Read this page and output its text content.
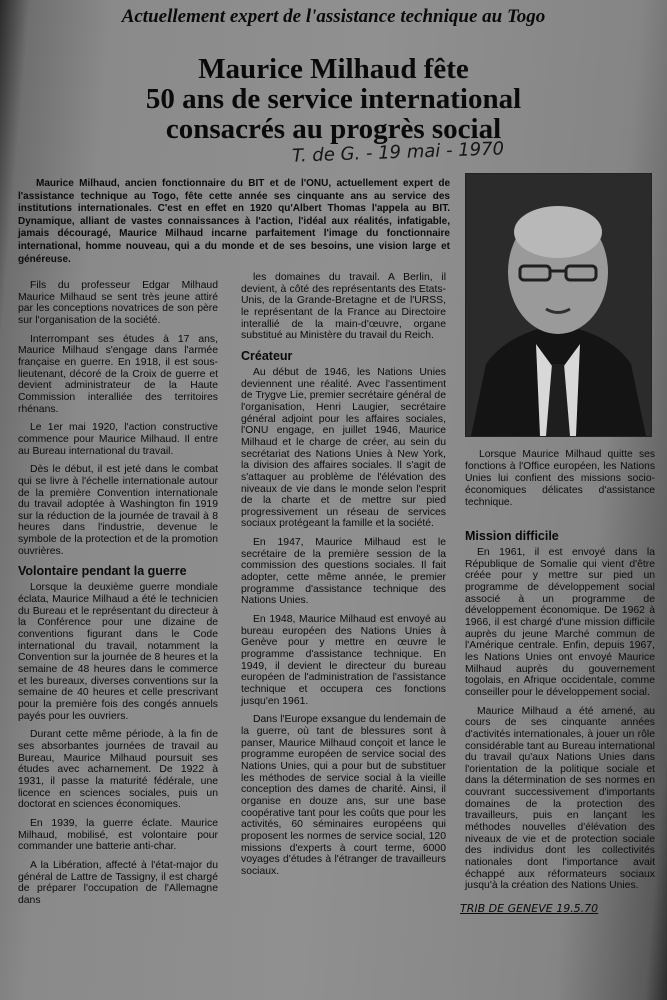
Actuellement expert de l'assistance technique au Togo
Maurice Milhaud fête
50 ans de service international
consacrés au progrès social
T. de G. - 19 mai - 1970
Maurice Milhaud, ancien fonctionnaire du BIT et de l'ONU, actuellement expert de l'assistance technique au Togo, fête cette année ses cinquante ans au service des institutions internationales. C'est en effet en 1920 qu'Albert Thomas l'appela au BIT. Dynamique, alliant de vastes connaissances à l'action, l'idéal aux réalités, infatigable, jamais découragé, Maurice Milhaud incarne parfaitement l'image du fonctionnaire international, homme nouveau, qui a du monde et de ses besoins, une vision large et généreuse.
Lorsque Maurice Milhaud quitte ses fonctions à l'Office européen, les Nations Unies lui confient des missions socio-économiques délicates d'assistance technique.

Fils du professeur Edgar Milhaud Maurice Milhaud se sent très jeune attiré par les conceptions novatrices de son père sur l'organisation de la société.

Interrompant ses études à 17 ans, Maurice Milhaud s'engage dans l'armée française en guerre. En 1918, il est sous-lieutenant, décoré de la Croix de guerre et devient administrateur de la Haute Commission interalliée des territoires rhénans.

Le 1er mai 1920, l'action constructive commence pour Maurice Milhaud. Il entre au Bureau international du travail.

Dès le début, il est jeté dans le combat qui se livre à l'échelle internationale autour de la première Convention internationale du travail adoptée à Washington fin 1919 sur la réduction de la journée de travail à 8 heures dans l'industrie, devenue le symbole de la protection et de la promotion ouvrières.

Volontaire pendant la guerre

Lorsque la deuxième guerre mondiale éclata, Maurice Milhaud a été le technicien du Bureau et le représentant du directeur à la Conférence pour une dizaine de conventions figurant dans le Code international du travail, notamment la Convention sur la journée de 8 heures et la semaine de 48 heures dans le commerce et les bureaux, diverses conventions sur la semaine de 40 heures et celle prescrivant pour la première fois des congés annuels payés pour les ouvriers.

Durant cette même période, à la fin de ses absorbantes journées de travail au Bureau, Maurice Milhaud poursuit ses études avec acharnement. De 1922 à 1931, il passe la maturité fédérale, une licence en sciences sociales, puis un doctorat en sciences économiques.

En 1939, la guerre éclate. Maurice Milhaud, mobilisé, est volontaire pour commander une batterie anti-char.

A la Libération, affecté à l'état-major du général de Lattre de Tassigny, il est chargé de préparer l'occupation de l'Allemagne dans

les domaines du travail. A Berlin, il devient, à côté des représentants des Etats-Unis, de la Grande-Bretagne et de l'URSS, le représentant de la France au Directoire interallié de la main-d'œuvre, organe substitué au Ministère du travail du Reich.

Créateur

Au début de 1946, les Nations Unies deviennent une réalité. Avec l'assentiment de Trygve Lie, premier secrétaire général de l'organisation, Henri Laugier, secrétaire général adjoint pour les affaires sociales, l'ONU engage, en juillet 1946, Maurice Milhaud et le charge de créer, au sein du secrétariat des Nations Unies à New York, la division des affaires sociales. Il s'agit de s'attaquer au problème de l'élévation des niveaux de vie dans le monde selon l'esprit de la charte et de mettre sur pied progressivement un réseau de services sociaux protégeant la famille et la société.

En 1947, Maurice Milhaud est le secrétaire de la première session de la commission des questions sociales. Il fait adopter, cette même année, le premier programme d'assistance technique des Nations Unies.

En 1948, Maurice Milhaud est envoyé au bureau européen des Nations Unies à Genève pour y mettre en œuvre le programme d'assistance technique. En 1949, il devient le directeur du bureau européen de l'administration de l'assistance technique et occupera ces fonctions jusqu'en 1961.

Dans l'Europe exsangue du lendemain de la guerre, où tant de blessures sont à panser, Maurice Milhaud conçoit et lance le programme européen de service social des Nations Unies, qui a pour but de substituer les méthodes de service social à la vieille conception des dames de charité. Ainsi, il organise en douze ans, sur une base coopérative tant pour les coûts que pour les activités, 60 séminaires européens qui proposent les normes de service social, 120 missions d'experts à court terme, 6000 voyages d'études à l'étranger de travailleurs sociaux.

Mission difficile

En 1961, il est envoyé dans la République de Somalie qui vient d'être créée pour y mettre sur pied un programme de développement social associé à un programme de développement économique. De 1962 à 1966, il est chargé d'une mission difficile auprès du jeune Marché commun de l'Amérique centrale. Enfin, depuis 1967, les Nations Unies ont envoyé Maurice Milhaud auprès du gouvernement togolais, en Afrique occidentale, comme conseiller pour le développement social.

Maurice Milhaud a été amené, au cours de ses cinquante années d'activités internationales, à jouer un rôle considérable tant au Bureau international du travail qu'aux Nations Unies dans l'orientation de la politique sociale et dans la détermination de ses normes en couvrant successivement d'importants domaines de la protection des travailleurs, puis en lançant les méthodes nouvelles d'élévation des niveaux de vie et de protection sociale des individus dont les collectivités nationales dont l'importance avait échappé aux réformateurs sociaux jusqu'à la création des Nations Unies.

TRIB DE GENEVE 19.5.70
